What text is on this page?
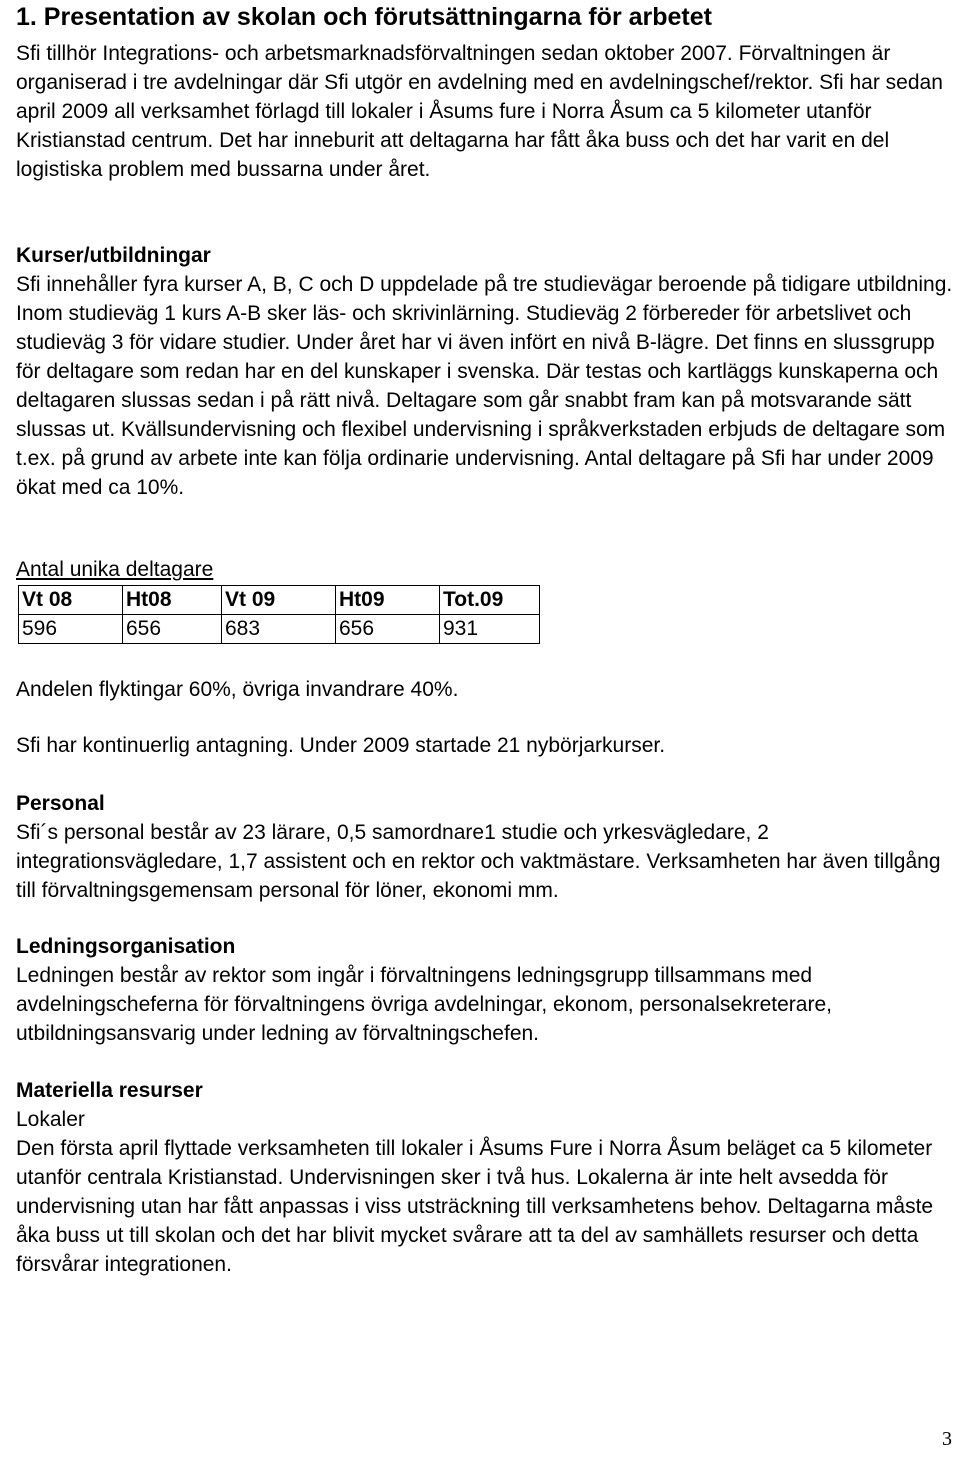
1. Presentation av skolan och förutsättningarna för arbetet

Sfi tillhör Integrations- och arbetsmarknadsförvaltningen sedan oktober 2007. Förvaltningen är organiserad i tre avdelningar där Sfi utgör en avdelning med en avdelningschef/rektor. Sfi har sedan april 2009 all verksamhet förlagd till lokaler i Åsums fure i Norra Åsum ca 5 kilometer utanför Kristianstad centrum. Det har inneburit att deltagarna har fått åka buss och det har varit en del logistiska problem med bussarna under året.

Kurser/utbildningar

Sfi innehåller fyra kurser A, B, C och D uppdelade på tre studievägar beroende på tidigare utbildning. Inom studieväg 1 kurs A-B sker läs- och skrivinlärning. Studieväg 2 förbereder för arbetslivet och studieväg 3 för vidare studier. Under året har vi även infört en nivå B-lägre. Det finns en slussgrupp för deltagare som redan har en del kunskaper i svenska. Där testas och kartläggs kunskaperna och deltagaren slussas sedan i på rätt nivå. Deltagare som går snabbt fram kan på motsvarande sätt slussas ut. Kvällsundervisning och flexibel undervisning i språkverkstaden erbjuds de deltagare som t.ex. på grund av arbete inte kan följa ordinarie undervisning. Antal deltagare på Sfi har under 2009 ökat med ca 10%.

Antal unika deltagare

Vt 08	Ht08	Vt 09	Ht09	Tot.09
596	656	683	656	931

Andelen flyktingar 60%, övriga invandrare 40%.

Sfi har kontinuerlig antagning. Under 2009 startade 21 nybörjarkurser.

Personal

Sfi´s personal består av 23 lärare, 0,5 samordnare1 studie och yrkesvägledare, 2 integrationsvägledare, 1,7 assistent och en rektor och vaktmästare. Verksamheten har även tillgång till förvaltningsgemensam personal för löner, ekonomi mm.

Ledningsorganisation

Ledningen består av rektor som ingår i förvaltningens ledningsgrupp tillsammans med avdelningscheferna för förvaltningens övriga avdelningar, ekonom, personalsekreterare, utbildningsansvarig under ledning av förvaltningschefen.

Materiella resurser

Lokaler

Den första april flyttade verksamheten till lokaler i Åsums Fure i Norra Åsum beläget ca 5 kilometer utanför centrala Kristianstad. Undervisningen sker i två hus. Lokalerna är inte helt avsedda för undervisning utan har fått anpassas i viss utsträckning till verksamhetens behov. Deltagarna måste åka buss ut till skolan och det har blivit mycket svårare att ta del av samhällets resurser och detta försvårar integrationen.

3
